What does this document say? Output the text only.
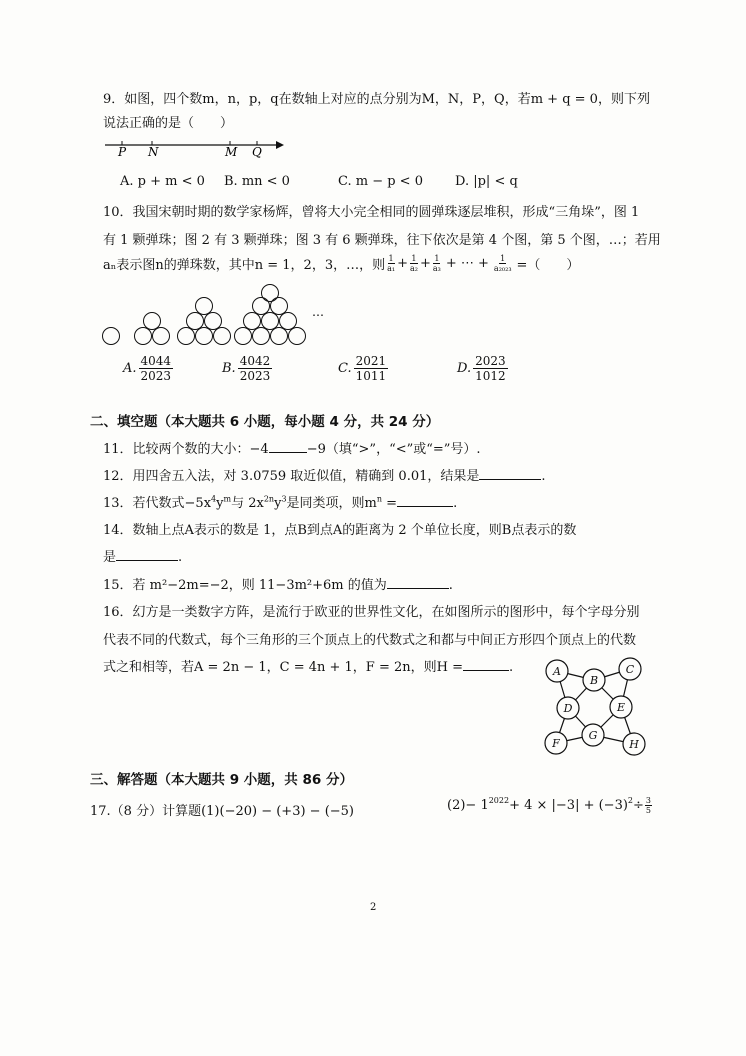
9．如图，四个数m，n，p，q在数轴上对应的点分别为M，N，P，Q，若m + q = 0，则下列
说法正确的是（　　）
P N	M Q
A. p + m < 0 B. mn < 0	C. m − p < 0 D. |p| < q
10．我国宋朝时期的数学家杨辉，曾将大小完全相同的圆弹珠逐层堆积，形成“三角垛”，图 1
有 1 颗弹珠；图 2 有 3 颗弹珠；图 3 有 6 颗弹珠，往下依次是第 4 个图，第 5 个图，…；若用
aₙ表示图n的弹珠数，其中n = 1，2，3，…，则 1
$a_1 + \frac{1}{\text{a₂}} + \frac{1}{\text{a₃}}$ + ⋯ + $\frac{1}{\text{a₂₀₂₃}}$ =（　　）
…
A. $\frac{4044}{2023}$	B. $\frac{4042}{2023}$	C. $\frac{2021}{1011}$	D. $\frac{2023}{1012}$
二、填空题（本大题共 6 小题，每小题 4 分，共 24 分）
11．比较两个数的大小：−4	−9（填“>”，“<”或“=”号）.
12．用四舍五入法，对 3.0759 取近似值，精确到 0.01，结果是	.
13．若代数式$-5x^4y^m$与 $2x^{2n}y^3$是同类项，则$m^n$ =	.
14．数轴上点A表示的数是 1，点B到点A的距离为 2 个单位长度，则B点表示的数
是	.
15．若 m²−2m=−2，则 11−3m²+6m 的值为	.
16．幻方是一类数字方阵，是流行于欧亚的世界性文化，在如图所示的图形中，每个字母分别
代表不同的代数式，每个三角形的三个顶点上的代数式之和都与中间正方形四个顶点上的代数
式之和相等，若A = 2n − 1，C = 4n + 1，F = 2n，则H =	.	A
B
C
D	E
F
G
H
三、解答题（本大题共 9 小题，共 86 分）
17.（8 分）计算题(1)(−20) − (+3) − (−5)	$(2)- 1^{2022} + 4 \times |-3| + (-3)^2 \div \frac{3}{5}$
2
